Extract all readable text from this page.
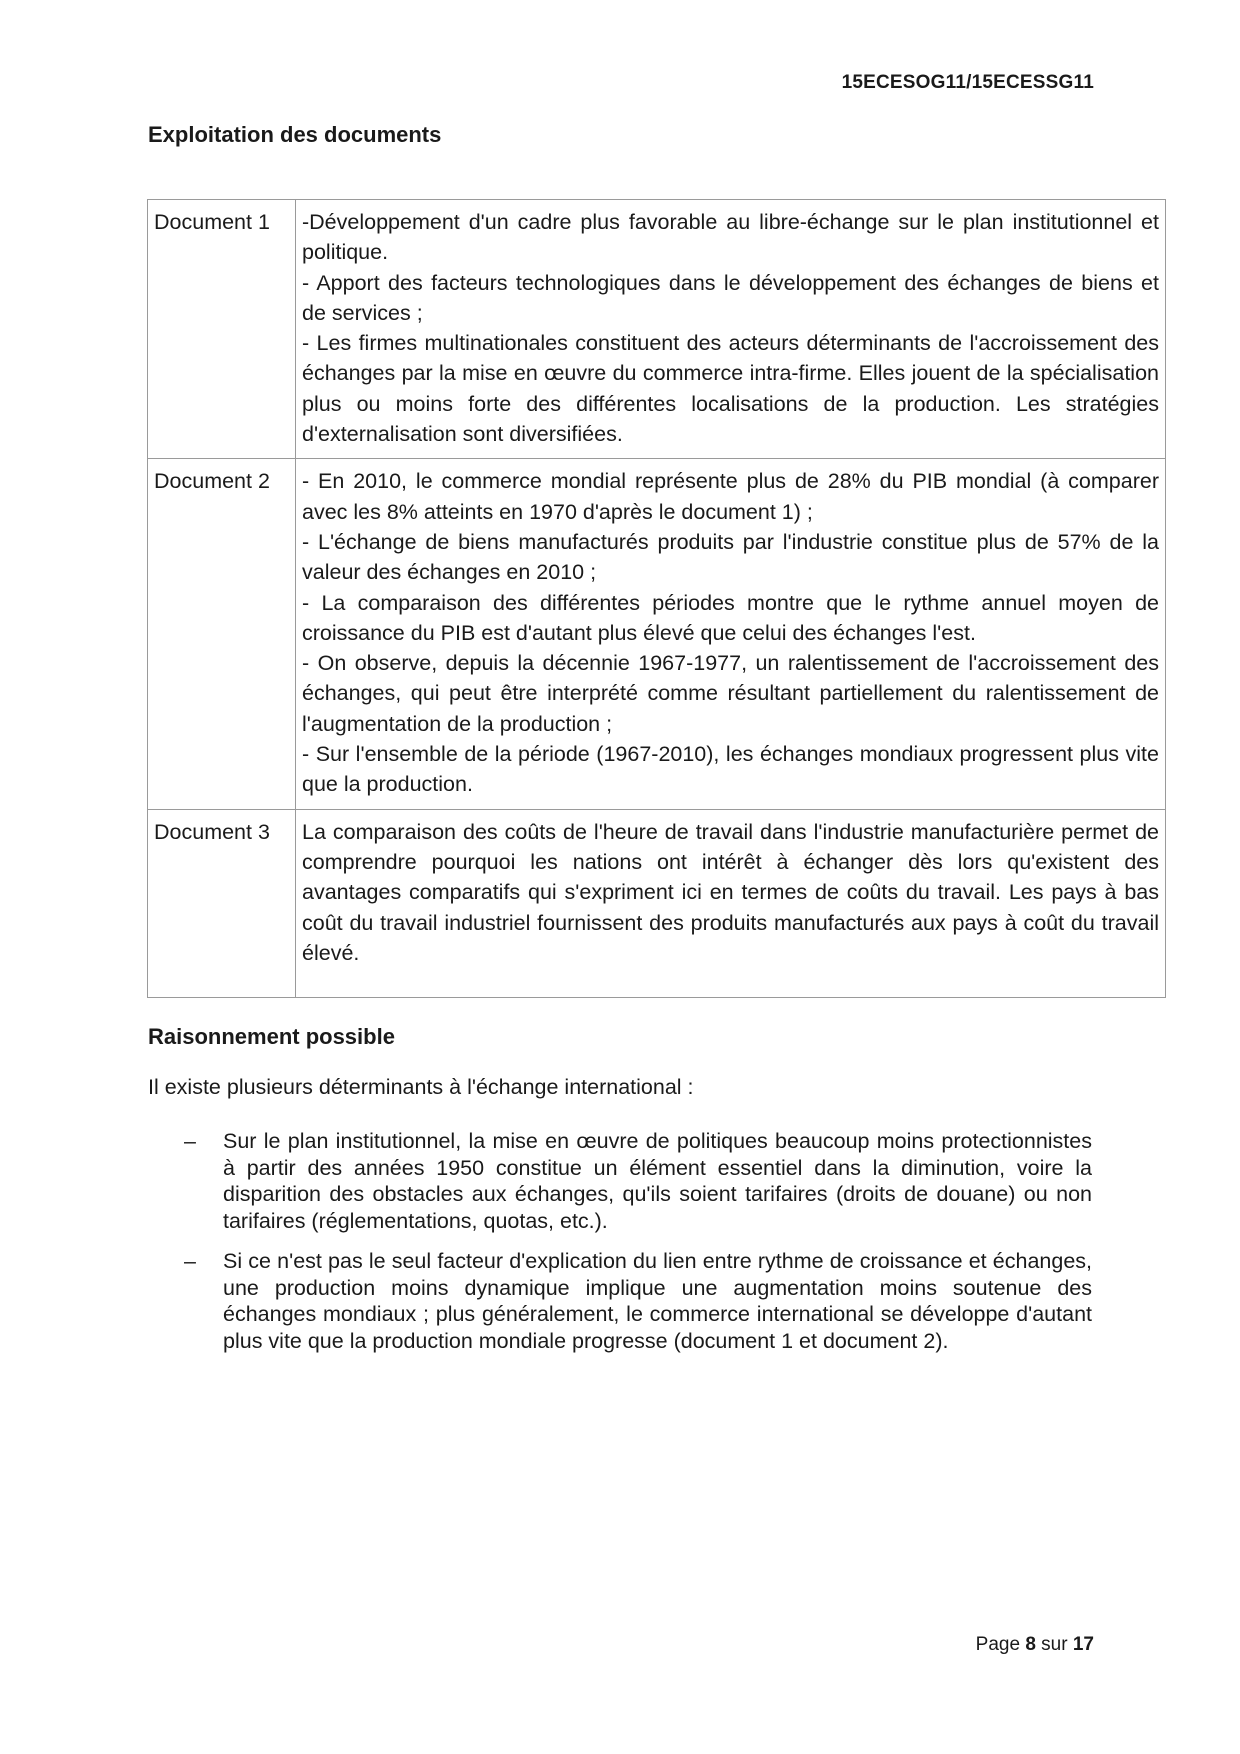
15ECESOG11/15ECESSG11
Exploitation des documents
Document 1	-Développement d'un cadre plus favorable au libre-échange sur le plan institutionnel et politique.
- Apport des facteurs technologiques dans le développement des échanges de biens et de services ;
- Les firmes multinationales constituent des acteurs déterminants de l'accroissement des échanges par la mise en œuvre du commerce intra-firme. Elles jouent de la spécialisation plus ou moins forte des différentes localisations de la production. Les stratégies d'externalisation sont diversifiées.

Document 2	- En 2010, le commerce mondial représente plus de 28% du PIB mondial (à comparer avec les 8% atteints en 1970 d'après le document 1) ;
- L'échange de biens manufacturés produits par l'industrie constitue plus de 57% de la valeur des échanges en 2010 ;
- La comparaison des différentes périodes montre que le rythme annuel moyen de croissance du PIB est d'autant plus élevé que celui des échanges l'est.
- On observe, depuis la décennie 1967-1977, un ralentissement de l'accroissement des échanges, qui peut être interprété comme résultant partiellement du ralentissement de l'augmentation de la production ;
- Sur l'ensemble de la période (1967-2010), les échanges mondiaux progressent plus vite que la production.

Document 3	La comparaison des coûts de l'heure de travail dans l'industrie manufacturière permet de comprendre pourquoi les nations ont intérêt à échanger dès lors qu'existent des avantages comparatifs qui s'expriment ici en termes de coûts du travail. Les pays à bas coût du travail industriel fournissent des produits manufacturés aux pays à coût du travail élevé.
Raisonnement possible
Il existe plusieurs déterminants à l'échange international :
– Sur le plan institutionnel, la mise en œuvre de politiques beaucoup moins protectionnistes à partir des années 1950 constitue un élément essentiel dans la diminution, voire la disparition des obstacles aux échanges, qu'ils soient tarifaires (droits de douane) ou non tarifaires (réglementations, quotas, etc.).
– Si ce n'est pas le seul facteur d'explication du lien entre rythme de croissance et échanges, une production moins dynamique implique une augmentation moins soutenue des échanges mondiaux ; plus généralement, le commerce international se développe d'autant plus vite que la production mondiale progresse (document 1 et document 2).
Page 8 sur 17
